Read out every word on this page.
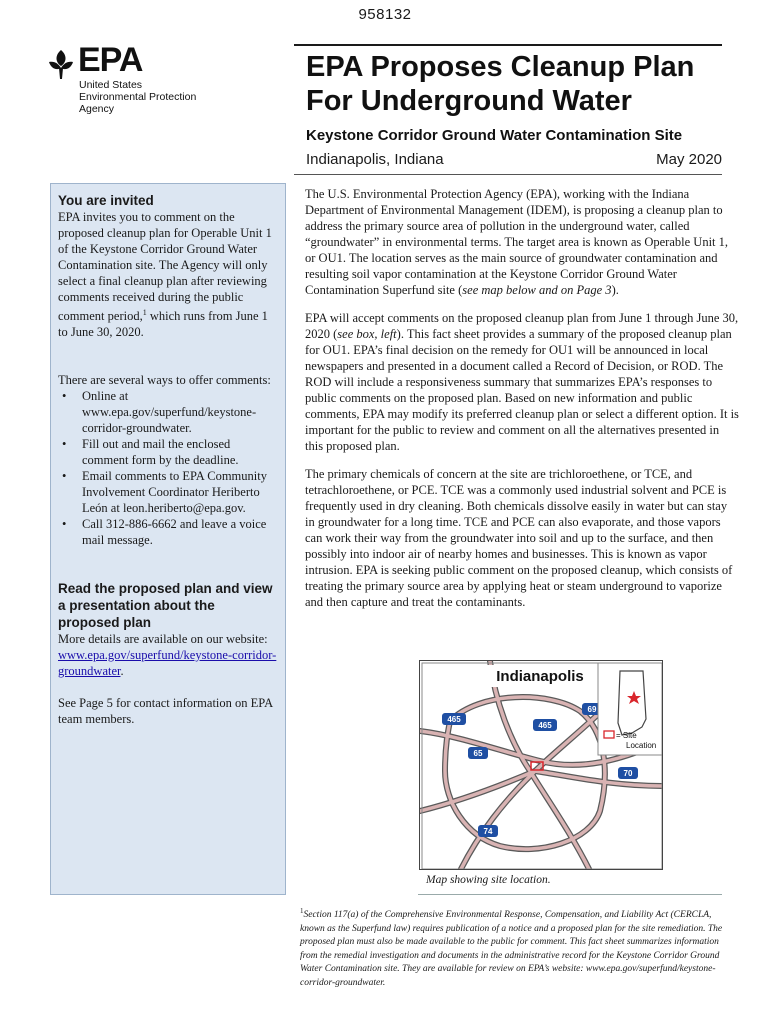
958132
EPA
United States
Environmental Protection
Agency
EPA Proposes Cleanup Plan For Underground Water
Keystone Corridor Ground Water Contamination Site
Indianapolis, Indiana	May 2020
You are invited

EPA invites you to comment on the proposed cleanup plan for Operable Unit 1 of the Keystone Corridor Ground Water Contamination site. The Agency will only select a final cleanup plan after reviewing comments received during the public comment period,$^1$ which runs from June 1 to June 30, 2020.

There are several ways to offer comments:

• Online at www.epa.gov/superfund/keystone-corridor-groundwater.
• Fill out and mail the enclosed comment form by the deadline.
• Email comments to EPA Community Involvement Coordinator Heriberto León at leon.heriberto@epa.gov.
• Call 312-886-6662 and leave a voice mail message.
Read the proposed plan and view a presentation about the proposed plan

More details are available on our website:

www.epa.gov/superfund/keystone-corridor-groundwater.

See Page 5 for contact information on EPA team members.

The U.S. Environmental Protection Agency (EPA), working with the Indiana Department of Environmental Management (IDEM), is proposing a cleanup plan to address the primary source area of pollution in the underground water, called “groundwater” in environmental terms. The target area is known as Operable Unit 1, or OU1. The location serves as the main source of groundwater contamination and resulting soil vapor contamination at the Keystone Corridor Ground Water Contamination Superfund site (see map below and on Page 3).

EPA will accept comments on the proposed cleanup plan from June 1 through June 30, 2020 (see box, left). This fact sheet provides a summary of the proposed cleanup plan for OU1. EPA’s final decision on the remedy for OU1 will be announced in local newspapers and presented in a document called a Record of Decision, or ROD. The ROD will include a responsiveness summary that summarizes EPA’s responses to public comments on the proposed plan. Based on new information and public comments, EPA may modify its preferred cleanup plan or select a different option. It is important for the public to review and comment on all the alternatives presented in this proposed plan.

The primary chemicals of concern at the site are trichloroethene, or TCE, and tetrachloroethene, or PCE. TCE was a commonly used industrial solvent and PCE is frequently used in dry cleaning. Both chemicals dissolve easily in water but can stay in groundwater for a long time. TCE and PCE can also evaporate, and those vapors can work their way from the groundwater into soil and up to the surface, and then possibly into indoor air of nearby homes and businesses. This is known as vapor intrusion. EPA is seeking public comment on the proposed cleanup, which consists of treating the primary source area by applying heat or steam underground to vaporize and then capture and treat the contaminants.

465
465
69
65
70
74
= Site
Location
Indianapolis
Map showing site location.
$^1$Section 117(a) of the Comprehensive Environmental Response, Compensation, and Liability Act (CERCLA, known as the Superfund law) requires publication of a notice and a proposed plan for the site remediation. The proposed plan must also be made available to the public for comment. This fact sheet summarizes information from the remedial investigation and documents in the administrative record for the Keystone Corridor Ground Water Contamination site. They are available for review on EPA’s website: www.epa.gov/superfund/keystone-corridor-groundwater.
